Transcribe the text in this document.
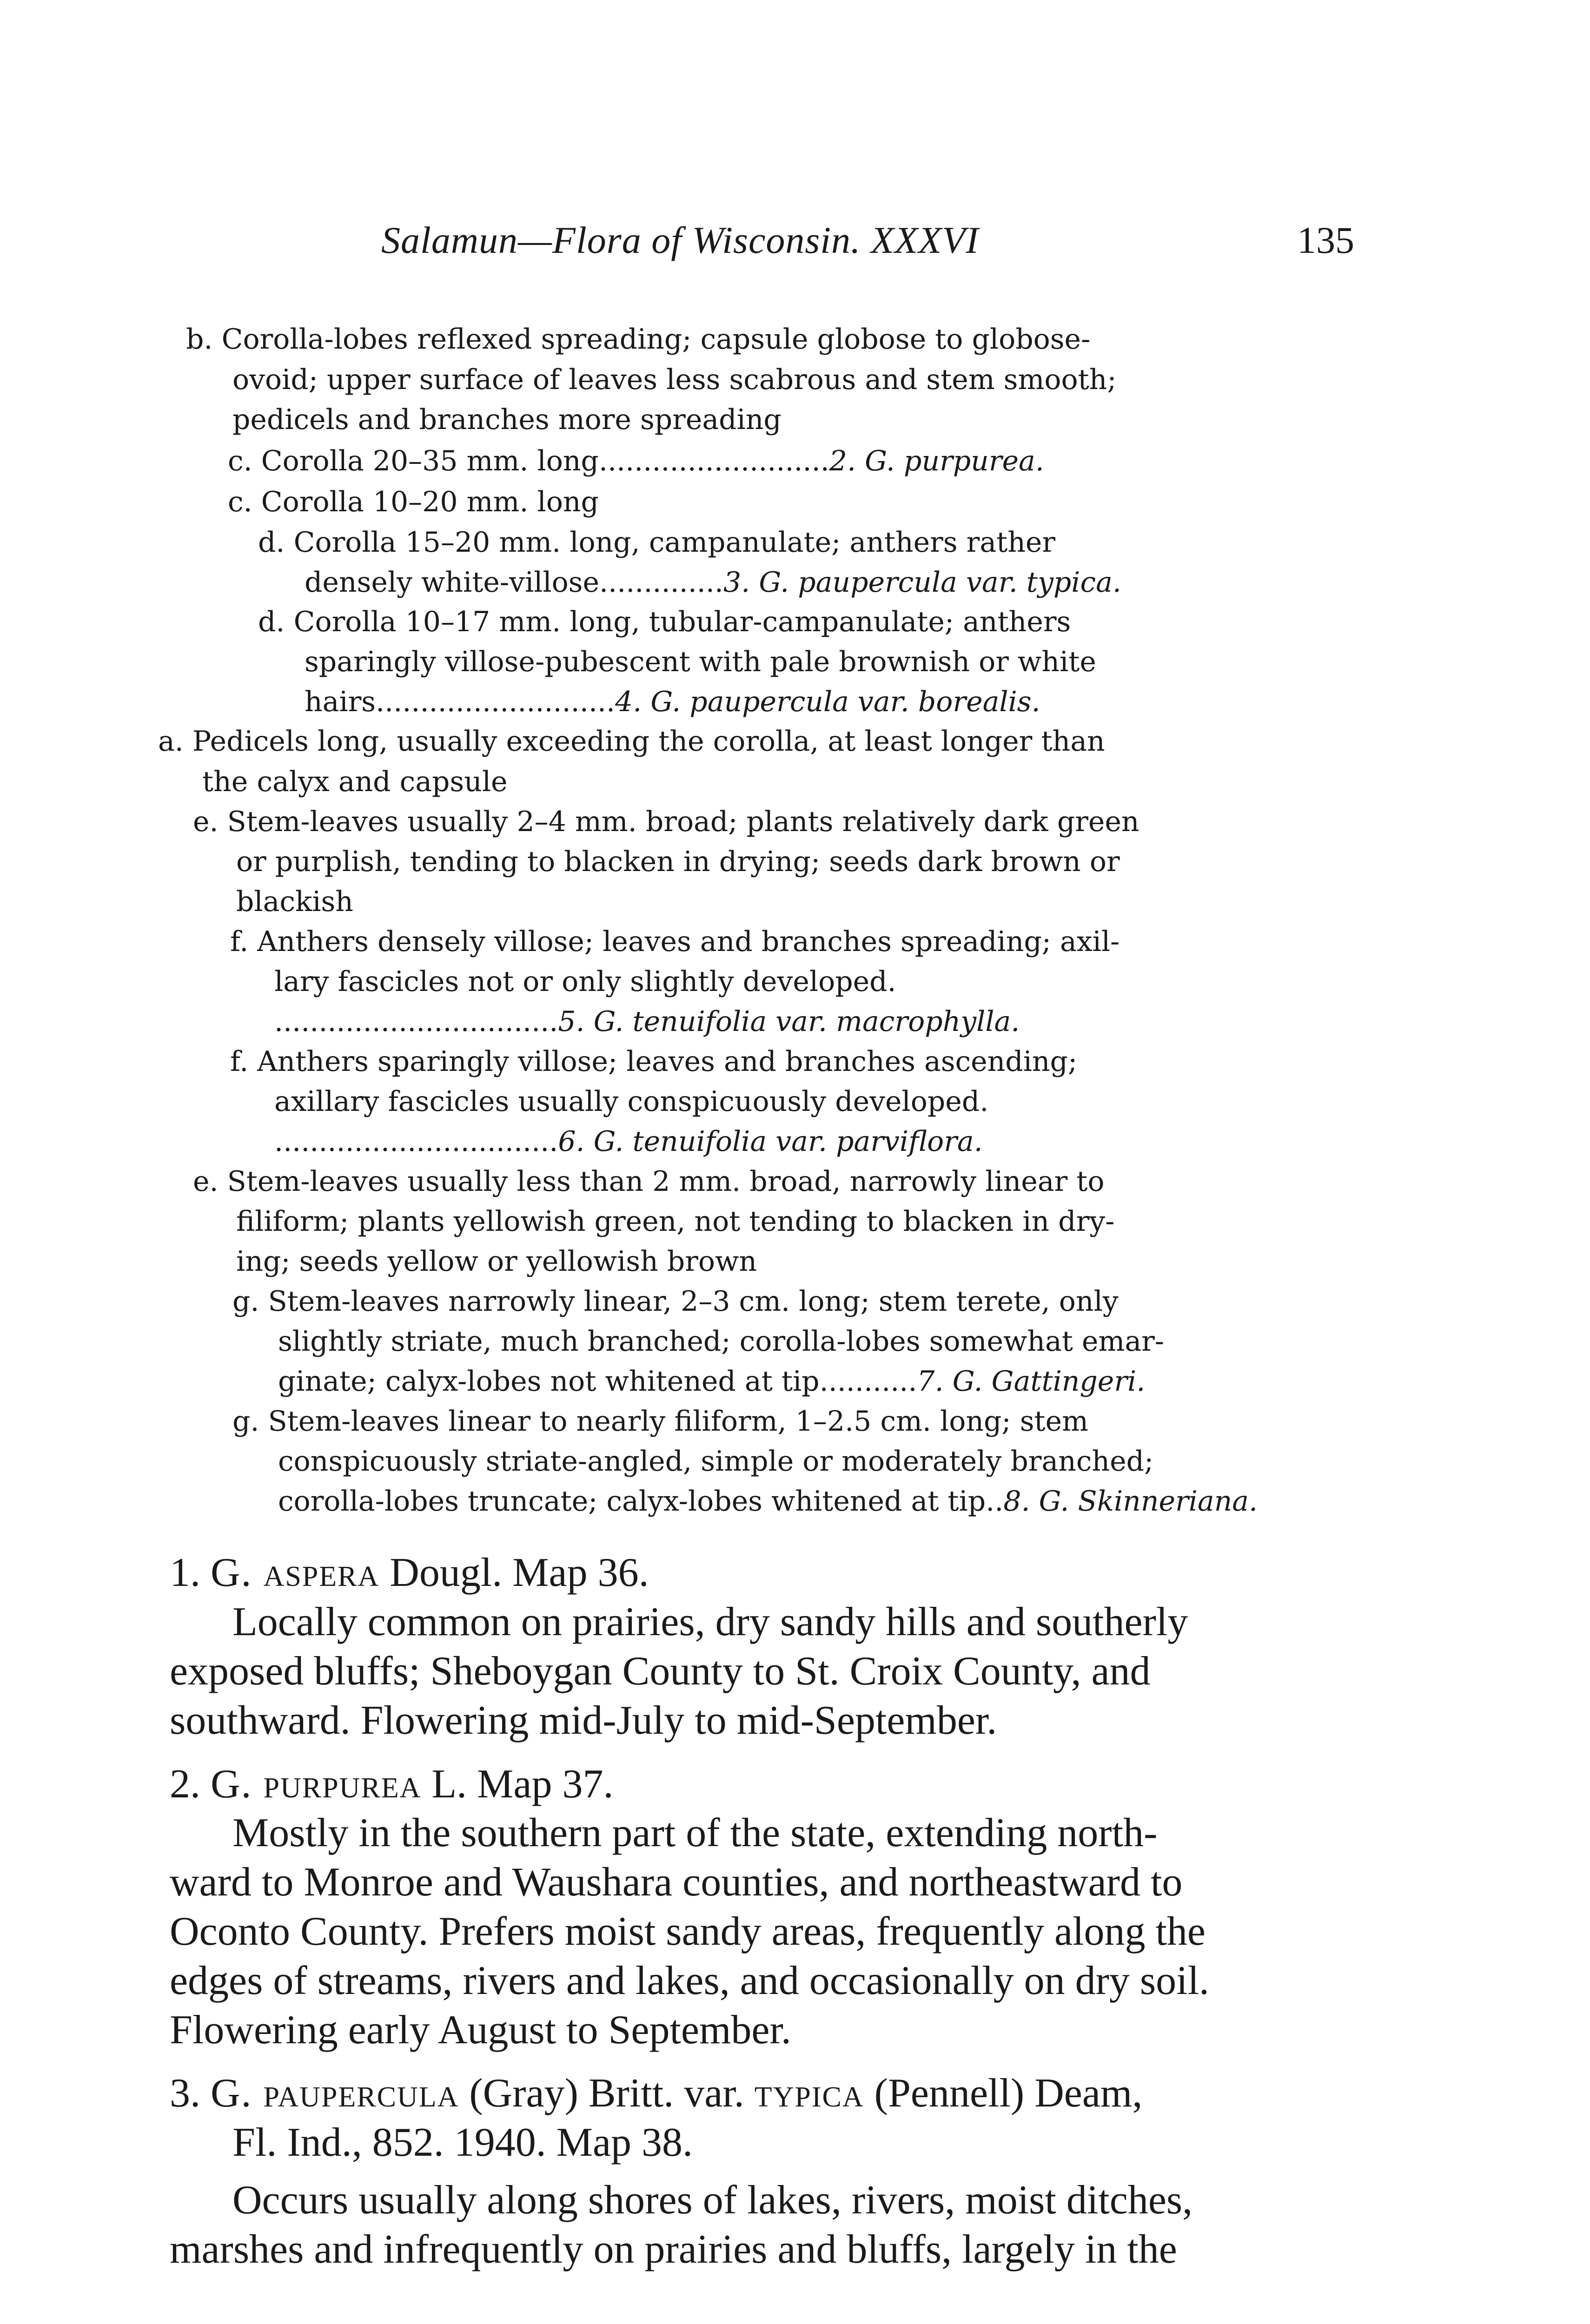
Salamun—Flora of Wisconsin. XXXVI	135
b. Corolla-lobes reflexed spreading; capsule globose to globose-
ovoid; upper surface of leaves less scabrous and stem smooth;
pedicels and branches more spreading
c. Corolla 20–35 mm. long..........................2. G. purpurea.
c. Corolla 10–20 mm. long
d. Corolla 15–20 mm. long, campanulate; anthers rather
densely white-villose..............3. G. paupercula var. typica.
d. Corolla 10–17 mm. long, tubular-campanulate; anthers
sparingly villose-pubescent with pale brownish or white
hairs...........................4. G. paupercula var. borealis.
a. Pedicels long, usually exceeding the corolla, at least longer than
the calyx and capsule
e. Stem-leaves usually 2–4 mm. broad; plants relatively dark green
or purplish, tending to blacken in drying; seeds dark brown or
blackish
f. Anthers densely villose; leaves and branches spreading; axil-
lary fascicles not or only slightly developed.
................................5. G. tenuifolia var. macrophylla.
f. Anthers sparingly villose; leaves and branches ascending;
axillary fascicles usually conspicuously developed.
................................6. G. tenuifolia var. parviflora.
e. Stem-leaves usually less than 2 mm. broad, narrowly linear to
filiform; plants yellowish green, not tending to blacken in dry-
ing; seeds yellow or yellowish brown
g. Stem-leaves narrowly linear, 2–3 cm. long; stem terete, only
slightly striate, much branched; corolla-lobes somewhat emar-
ginate; calyx-lobes not whitened at tip...........7. G. Gattingeri.
g. Stem-leaves linear to nearly filiform, 1–2.5 cm. long; stem
conspicuously striate-angled, simple or moderately branched;
corolla-lobes truncate; calyx-lobes whitened at tip..8. G. Skinneriana.
1. G. aspera Dougl. Map 36.
Locally common on prairies, dry sandy hills and southerly
exposed bluffs; Sheboygan County to St. Croix County, and
southward. Flowering mid-July to mid-September.
2. G. purpurea L. Map 37.
Mostly in the southern part of the state, extending north-
ward to Monroe and Waushara counties, and northeastward to
Oconto County. Prefers moist sandy areas, frequently along the
edges of streams, rivers and lakes, and occasionally on dry soil.
Flowering early August to September.
3. G. paupercula (Gray) Britt. var. typica (Pennell) Deam,
Fl. Ind., 852. 1940. Map 38.
Occurs usually along shores of lakes, rivers, moist ditches,
marshes and infrequently on prairies and bluffs, largely in the
